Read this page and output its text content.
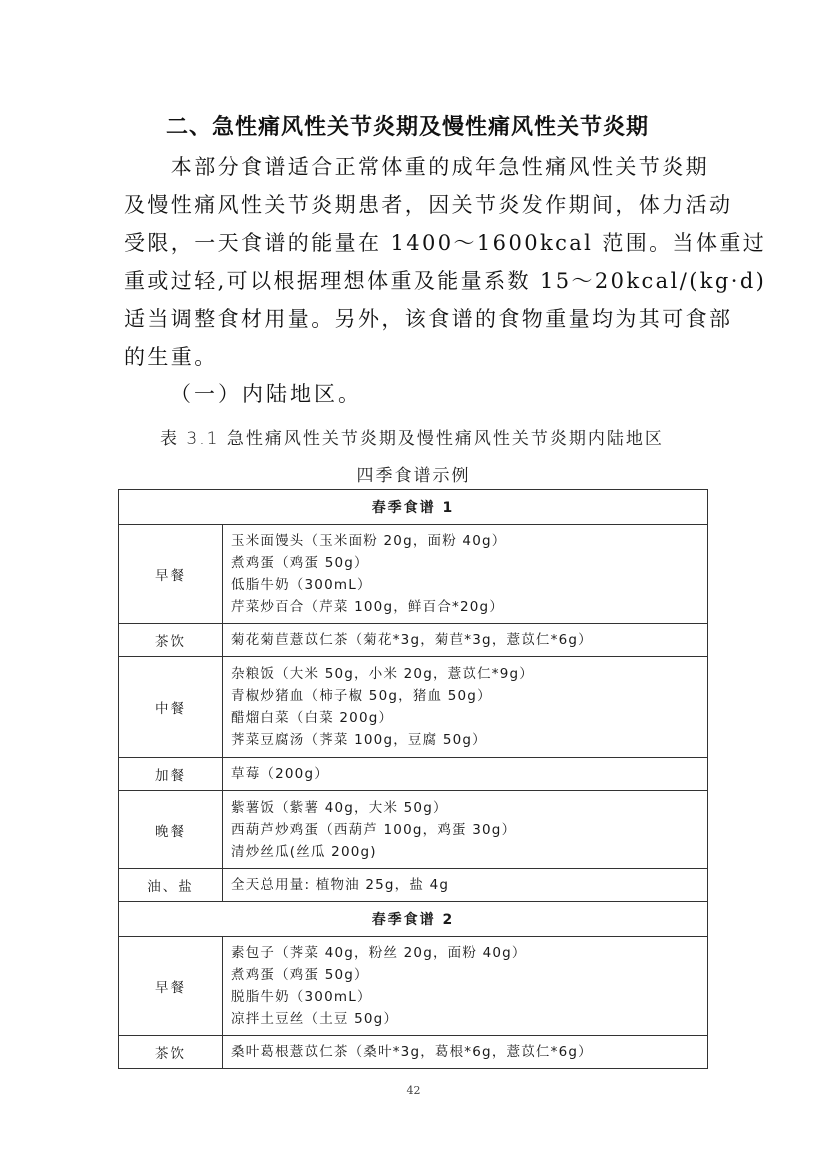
二、急性痛风性关节炎期及慢性痛风性关节炎期
　　本部分食谱适合正常体重的成年急性痛风性关节炎期
及慢性痛风性关节炎期患者，因关节炎发作期间，体力活动
受限，一天食谱的能量在 1400～1600kcal 范围。当体重过
重或过轻,可以根据理想体重及能量系数 15～20kcal/(kg·d)
适当调整食材用量。另外，该食谱的食物重量均为其可食部
的生重。
（一）内陆地区。
表 3.1 急性痛风性关节炎期及慢性痛风性关节炎期内陆地区
四季食谱示例
春季食谱 1	
早餐	玉米面馒头（玉米面粉 20g，面粉 40g）
煮鸡蛋（鸡蛋 50g）
低脂牛奶（300mL）
芹菜炒百合（芹菜 100g，鲜百合*20g）

茶饮	菊花菊苣薏苡仁茶（菊花*3g，菊苣*3g，薏苡仁*6g）

中餐	杂粮饭（大米 50g，小米 20g，薏苡仁*9g）
青椒炒猪血（柿子椒 50g，猪血 50g）
醋熘白菜（白菜 200g）
荠菜豆腐汤（荠菜 100g，豆腐 50g）

加餐	草莓（200g）

晚餐	紫薯饭（紫薯 40g，大米 50g）
西葫芦炒鸡蛋（西葫芦 100g，鸡蛋 30g）
清炒丝瓜(丝瓜 200g)

油、盐	全天总用量: 植物油 25g，盐 4g

春季食谱 2	
早餐	素包子（荠菜 40g，粉丝 20g，面粉 40g）
煮鸡蛋（鸡蛋 50g）
脱脂牛奶（300mL）
凉拌土豆丝（土豆 50g）

茶饮	桑叶葛根薏苡仁茶（桑叶*3g，葛根*6g，薏苡仁*6g）
42
